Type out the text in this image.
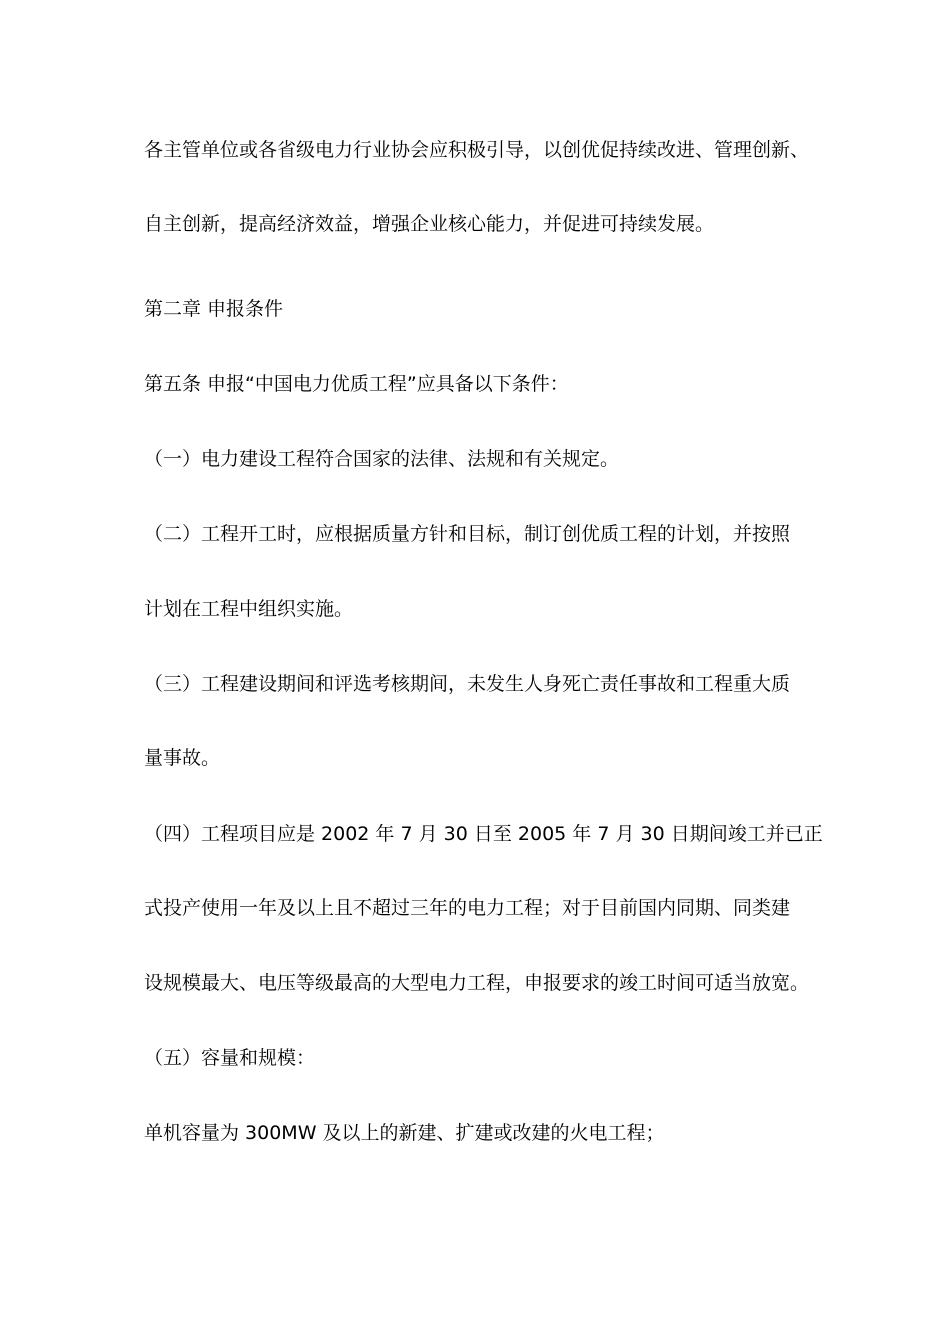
各主管单位或各省级电力行业协会应积极引导，以创优促持续改进、管理创新、

自主创新，提高经济效益，增强企业核心能力，并促进可持续发展。

第二章 申报条件

第五条 申报“中国电力优质工程”应具备以下条件：

（一）电力建设工程符合国家的法律、法规和有关规定。

（二）工程开工时，应根据质量方针和目标，制订创优质工程的计划，并按照

计划在工程中组织实施。

（三）工程建设期间和评选考核期间，未发生人身死亡责任事故和工程重大质

量事故。

（四）工程项目应是 2002 年 7 月 30 日至 2005 年 7 月 30 日期间竣工并已正

式投产使用一年及以上且不超过三年的电力工程；对于目前国内同期、同类建

设规模最大、电压等级最高的大型电力工程，申报要求的竣工时间可适当放宽。

（五）容量和规模：

单机容量为 300MW 及以上的新建、扩建或改建的火电工程；
